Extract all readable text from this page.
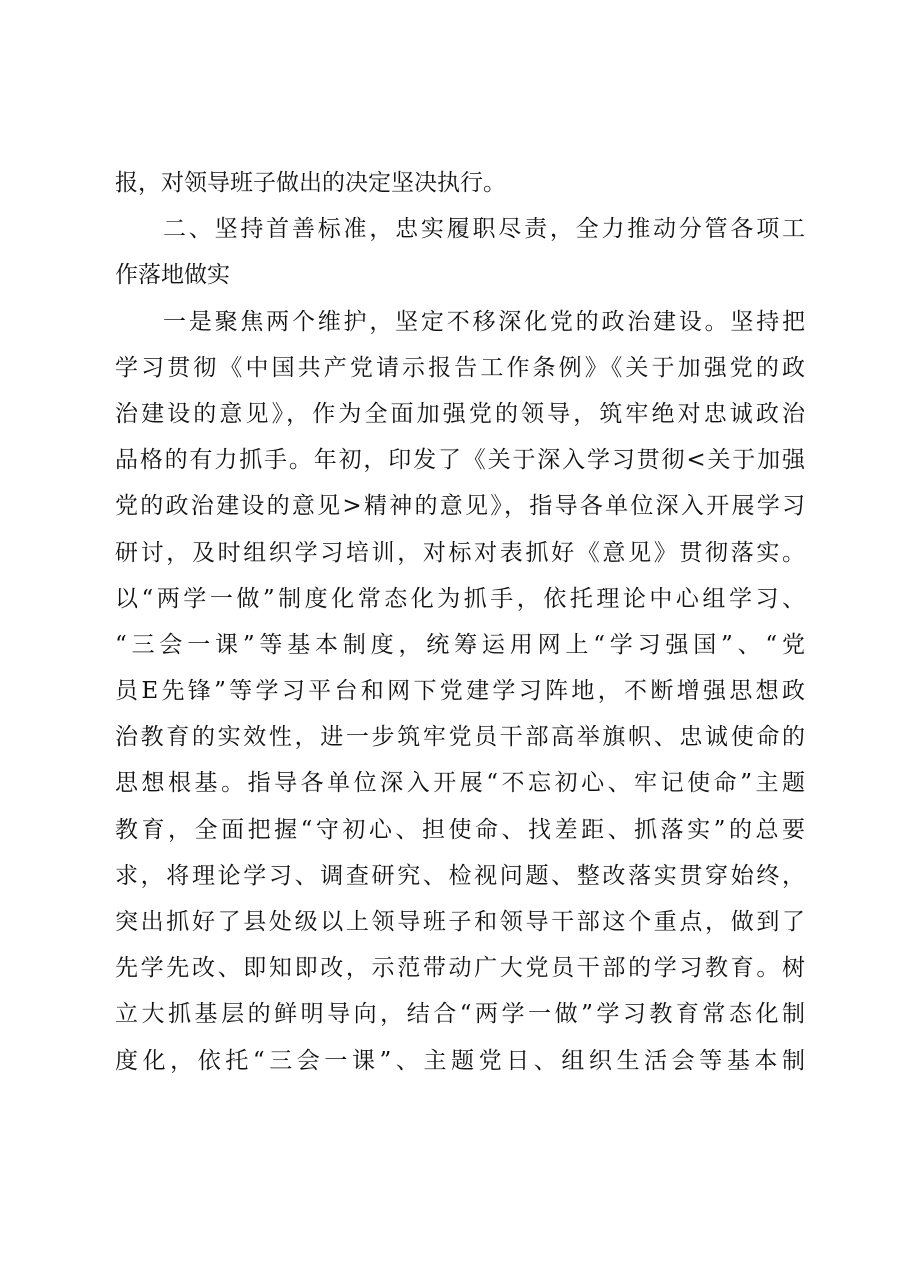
报，对领导班子做出的决定坚决执行。
二、坚持首善标准，忠实履职尽责，全力推动分管各项工
作落地做实
一是聚焦两个维护，坚定不移深化党的政治建设。坚持把
学习贯彻《中国共产党请示报告工作条例》《关于加强党的政
治建设的意见》，作为全面加强党的领导，筑牢绝对忠诚政治
品格的有力抓手。年初，印发了《关于深入学习贯彻<关于加强
党的政治建设的意见>精神的意见》，指导各单位深入开展学习
研讨，及时组织学习培训，对标对表抓好《意见》贯彻落实。
以“两学一做”制度化常态化为抓手，依托理论中心组学习、
“三会一课”等基本制度，统筹运用网上“学习强国”、“党
员E先锋”等学习平台和网下党建学习阵地，不断增强思想政
治教育的实效性，进一步筑牢党员干部高举旗帜、忠诚使命的
思想根基。指导各单位深入开展“不忘初心、牢记使命”主题
教育，全面把握“守初心、担使命、找差距、抓落实”的总要
求，将理论学习、调查研究、检视问题、整改落实贯穿始终，
突出抓好了县处级以上领导班子和领导干部这个重点，做到了
先学先改、即知即改，示范带动广大党员干部的学习教育。树
立大抓基层的鲜明导向，结合“两学一做”学习教育常态化制
度化，依托“三会一课”、主题党日、组织生活会等基本制
